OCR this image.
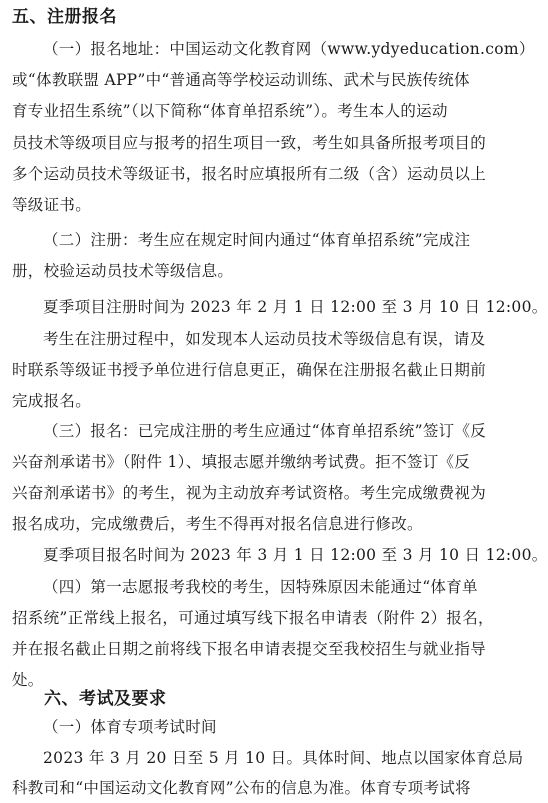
五、注册报名
（一）报名地址：中国运动文化教育网（www.ydyeducation.com）
或“体教联盟 APP”中“普通高等学校运动训练、武术与民族传统体
育专业招生系统”（以下简称“体育单招系统”）。考生本人的运动
员技术等级项目应与报考的招生项目一致，考生如具备所报考项目的
多个运动员技术等级证书，报名时应填报所有二级（含）运动员以上
等级证书。
（二）注册：考生应在规定时间内通过“体育单招系统”完成注
册，校验运动员技术等级信息。
夏季项目注册时间为 2023 年 2 月 1 日 12:00 至 3 月 10 日 12:00。
考生在注册过程中，如发现本人运动员技术等级信息有误，请及
时联系等级证书授予单位进行信息更正，确保在注册报名截止日期前
完成报名。
（三）报名：已完成注册的考生应通过“体育单招系统”签订《反
兴奋剂承诺书》（附件 1）、填报志愿并缴纳考试费。拒不签订《反
兴奋剂承诺书》的考生，视为主动放弃考试资格。考生完成缴费视为
报名成功，完成缴费后，考生不得再对报名信息进行修改。
夏季项目报名时间为 2023 年 3 月 1 日 12:00 至 3 月 10 日 12:00。
（四）第一志愿报考我校的考生，因特殊原因未能通过“体育单
招系统”正常线上报名，可通过填写线下报名申请表（附件 2）报名，
并在报名截止日期之前将线下报名申请表提交至我校招生与就业指导
处。
六、考试及要求
（一）体育专项考试时间
2023 年 3 月 20 日至 5 月 10 日。具体时间、地点以国家体育总局
科教司和“中国运动文化教育网”公布的信息为准。体育专项考试将
